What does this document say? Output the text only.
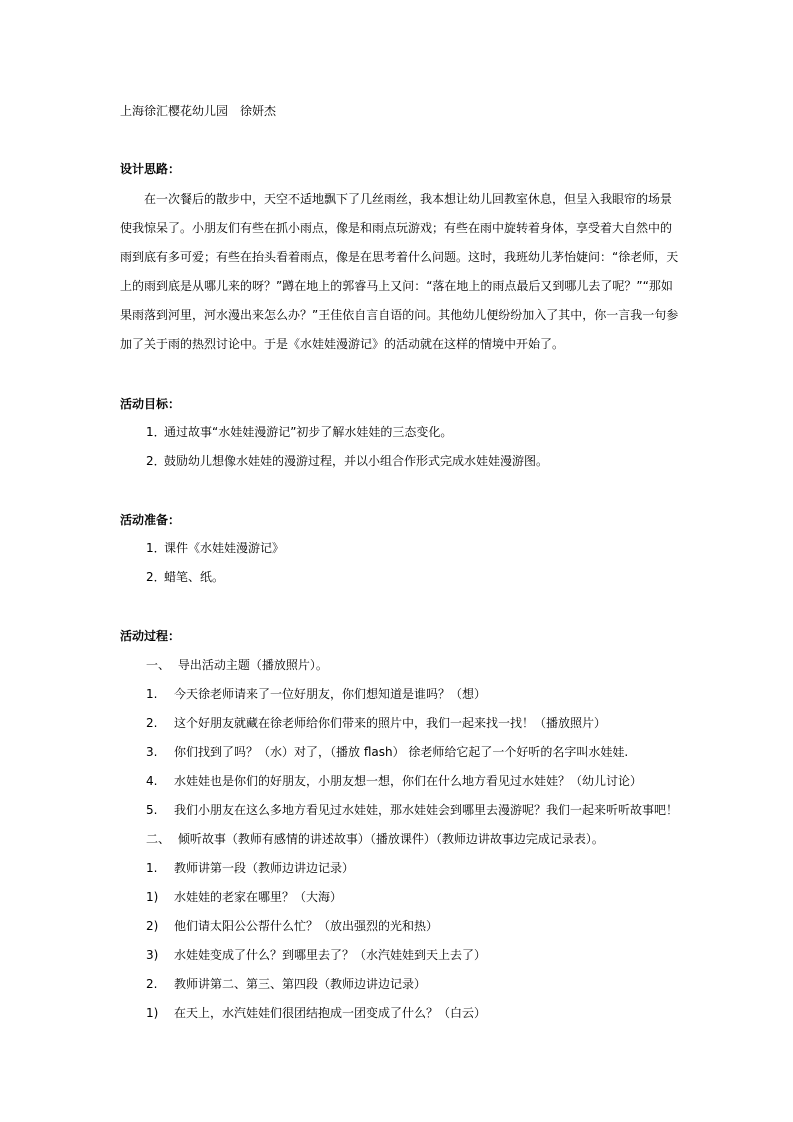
上海徐汇樱花幼儿园　徐妍杰
设计思路：
在一次餐后的散步中，天空不适地飘下了几丝雨丝，我本想让幼儿回教室休息，但呈入我眼帘的场景
使我惊呆了。小朋友们有些在抓小雨点，像是和雨点玩游戏；有些在雨中旋转着身体，享受着大自然中的
雨到底有多可爱；有些在抬头看着雨点，像是在思考着什么问题。这时，我班幼儿茅怡婕问：“徐老师，天
上的雨到底是从哪儿来的呀？”蹲在地上的郭睿马上又问：“落在地上的雨点最后又到哪儿去了呢？”“那如
果雨落到河里，河水漫出来怎么办？”王佳依自言自语的问。其他幼儿便纷纷加入了其中，你一言我一句参
加了关于雨的热烈讨论中。于是《水娃娃漫游记》的活动就在这样的情境中开始了。
活动目标：
1．通过故事“水娃娃漫游记”初步了解水娃娃的三态变化。
2．鼓励幼儿想像水娃娃的漫游过程，并以小组合作形式完成水娃娃漫游图。
活动准备：
1．课件《水娃娃漫游记》
2．蜡笔、纸。
活动过程：
一、 导出活动主题（播放照片）。
1. 今天徐老师请来了一位好朋友，你们想知道是谁吗？（想）
2. 这个好朋友就藏在徐老师给你们带来的照片中，我们一起来找一找！（播放照片）
3. 你们找到了吗？（水）对了，（播放 flash） 徐老师给它起了一个好听的名字叫水娃娃.
4. 水娃娃也是你们的好朋友，小朋友想一想，你们在什么地方看见过水娃娃？（幼儿讨论）
5. 我们小朋友在这么多地方看见过水娃娃，那水娃娃会到哪里去漫游呢？我们一起来听听故事吧！
二、 倾听故事（教师有感情的讲述故事）（播放课件）（教师边讲故事边完成记录表）。
1. 教师讲第一段（教师边讲边记录）
1) 水娃娃的老家在哪里？（大海）
2) 他们请太阳公公帮什么忙？（放出强烈的光和热）
3) 水娃娃变成了什么？到哪里去了？（水汽娃娃到天上去了）
2. 教师讲第二、第三、第四段（教师边讲边记录）
1) 在天上，水汽娃娃们很团结抱成一团变成了什么？（白云）
